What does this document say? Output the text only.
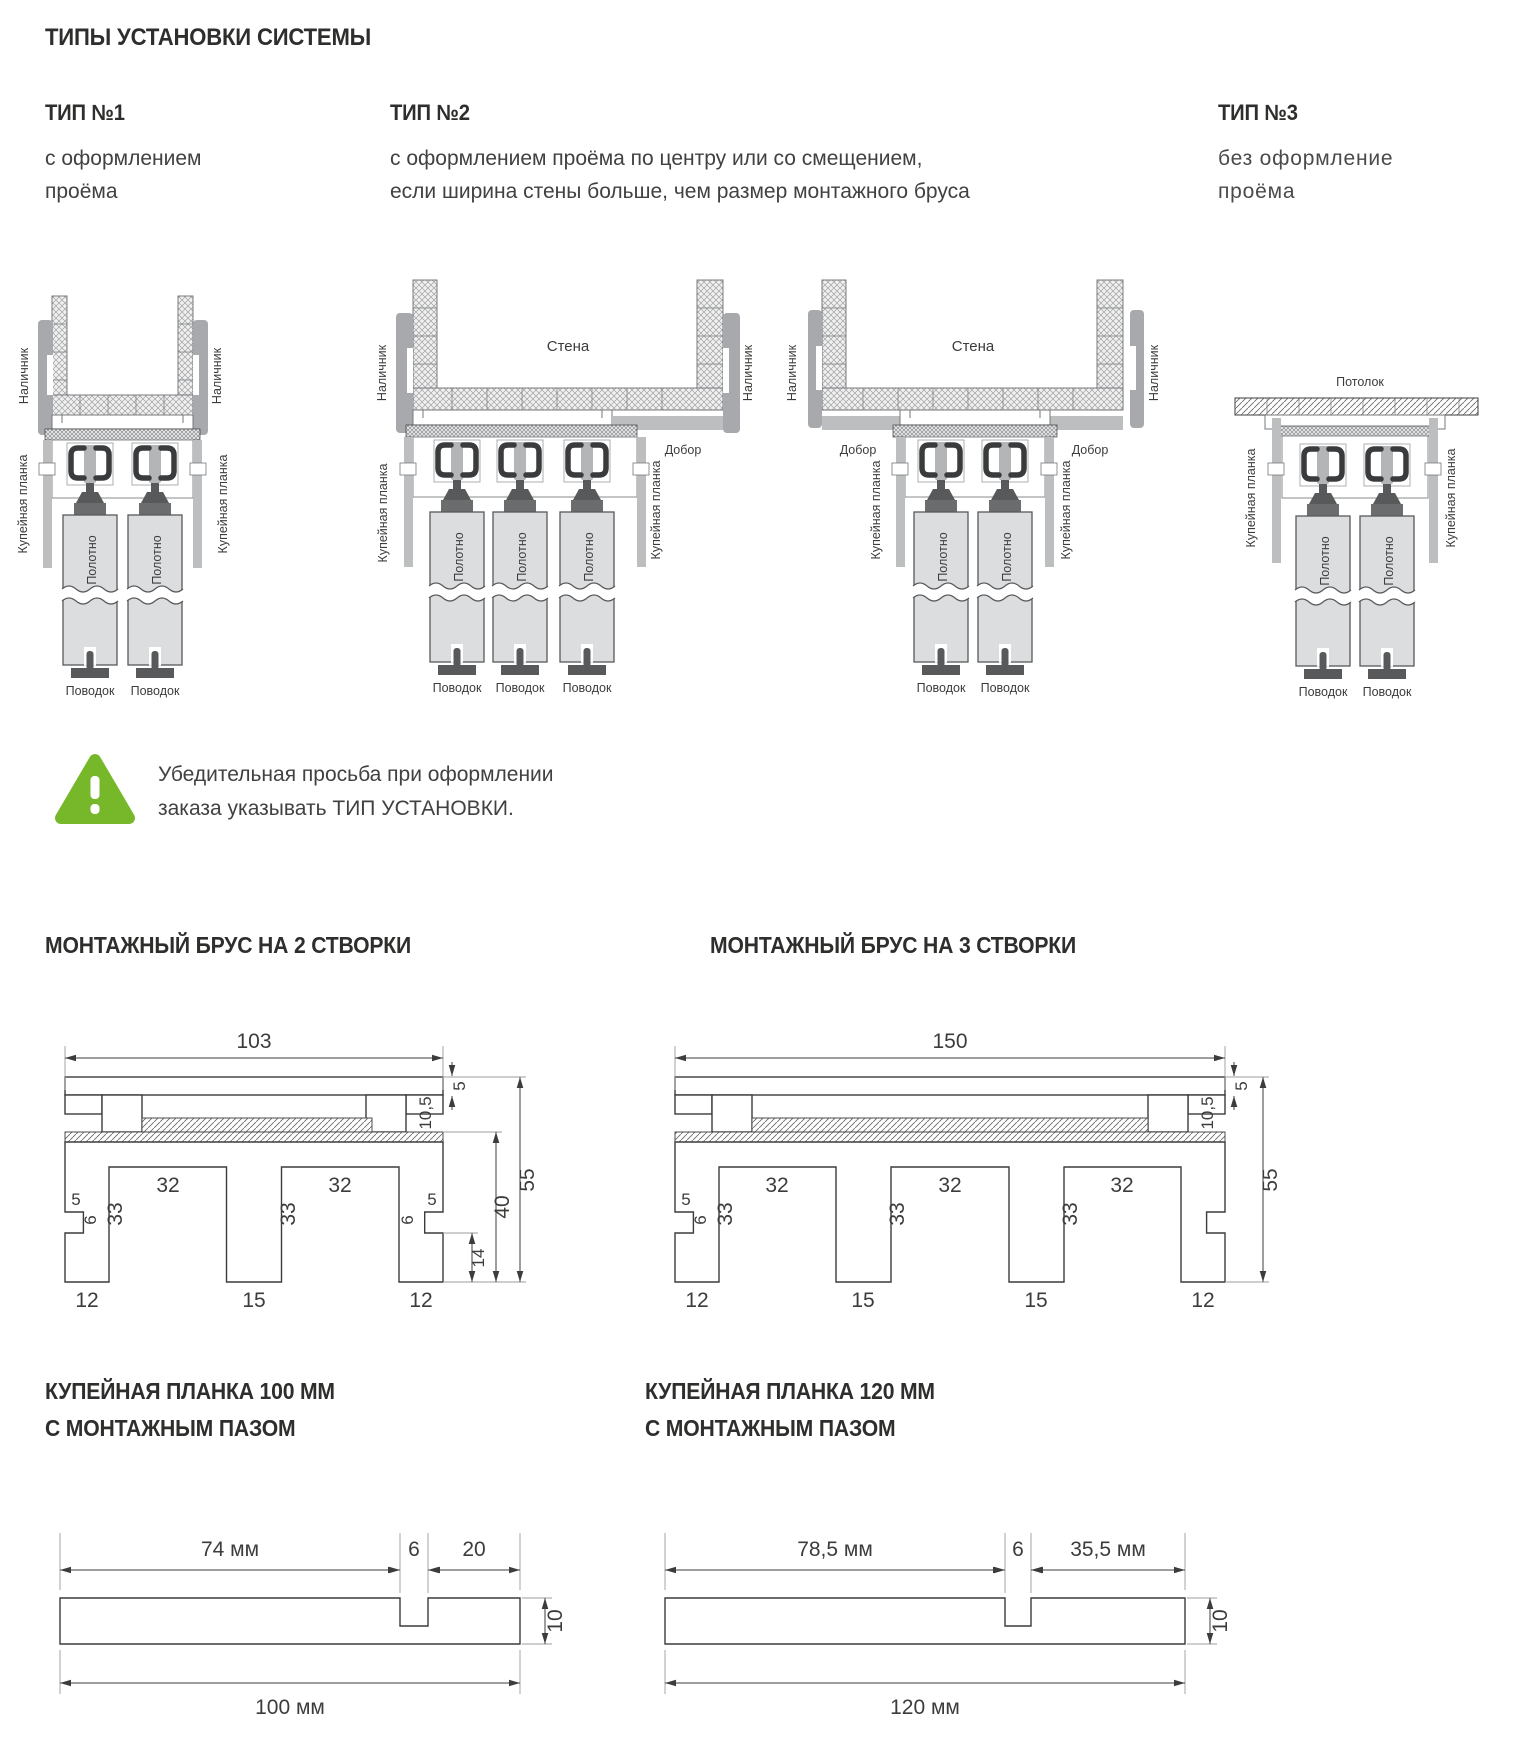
ТИПЫ УСТАНОВКИ СИСТЕМЫ
ТИП №1
с оформлением
проёма
ТИП №2
с оформлением проёма по центру или со смещением,
если ширина стены больше, чем размер монтажного бруса
ТИП №3
без оформление
проёма
Наличник	Наличник
Купейная планка	Купейная планка
Стена
Добор
Наличник	Наличник
Купейная планка	Купейная планка
Стена
Добор	Добор
Наличник	Наличник
Купейная планка	Купейная планка
Потолок
Купейная планка	Купейная планка
Убедительная просьба при оформлении
заказа указывать ТИП УСТАНОВКИ.
МОНТАЖНЫЙ БРУС НА 2 СТВОРКИ	МОНТАЖНЫЙ БРУС НА 3 СТВОРКИ
103
5
10,5
14
40
55
32	32
33	33
5
6
5
6
12	15	12
150
5
10,5
55
32	32	32
33	33	33
5
6
12	15	15	12
КУПЕЙНАЯ ПЛАНКА 100 ММ
С МОНТАЖНЫМ ПАЗОМ
КУПЕЙНАЯ ПЛАНКА 120 ММ
С МОНТАЖНЫМ ПАЗОМ
74 мм	6 20
10
100 мм
78,5 мм	6 35,5 мм
10
120 мм
